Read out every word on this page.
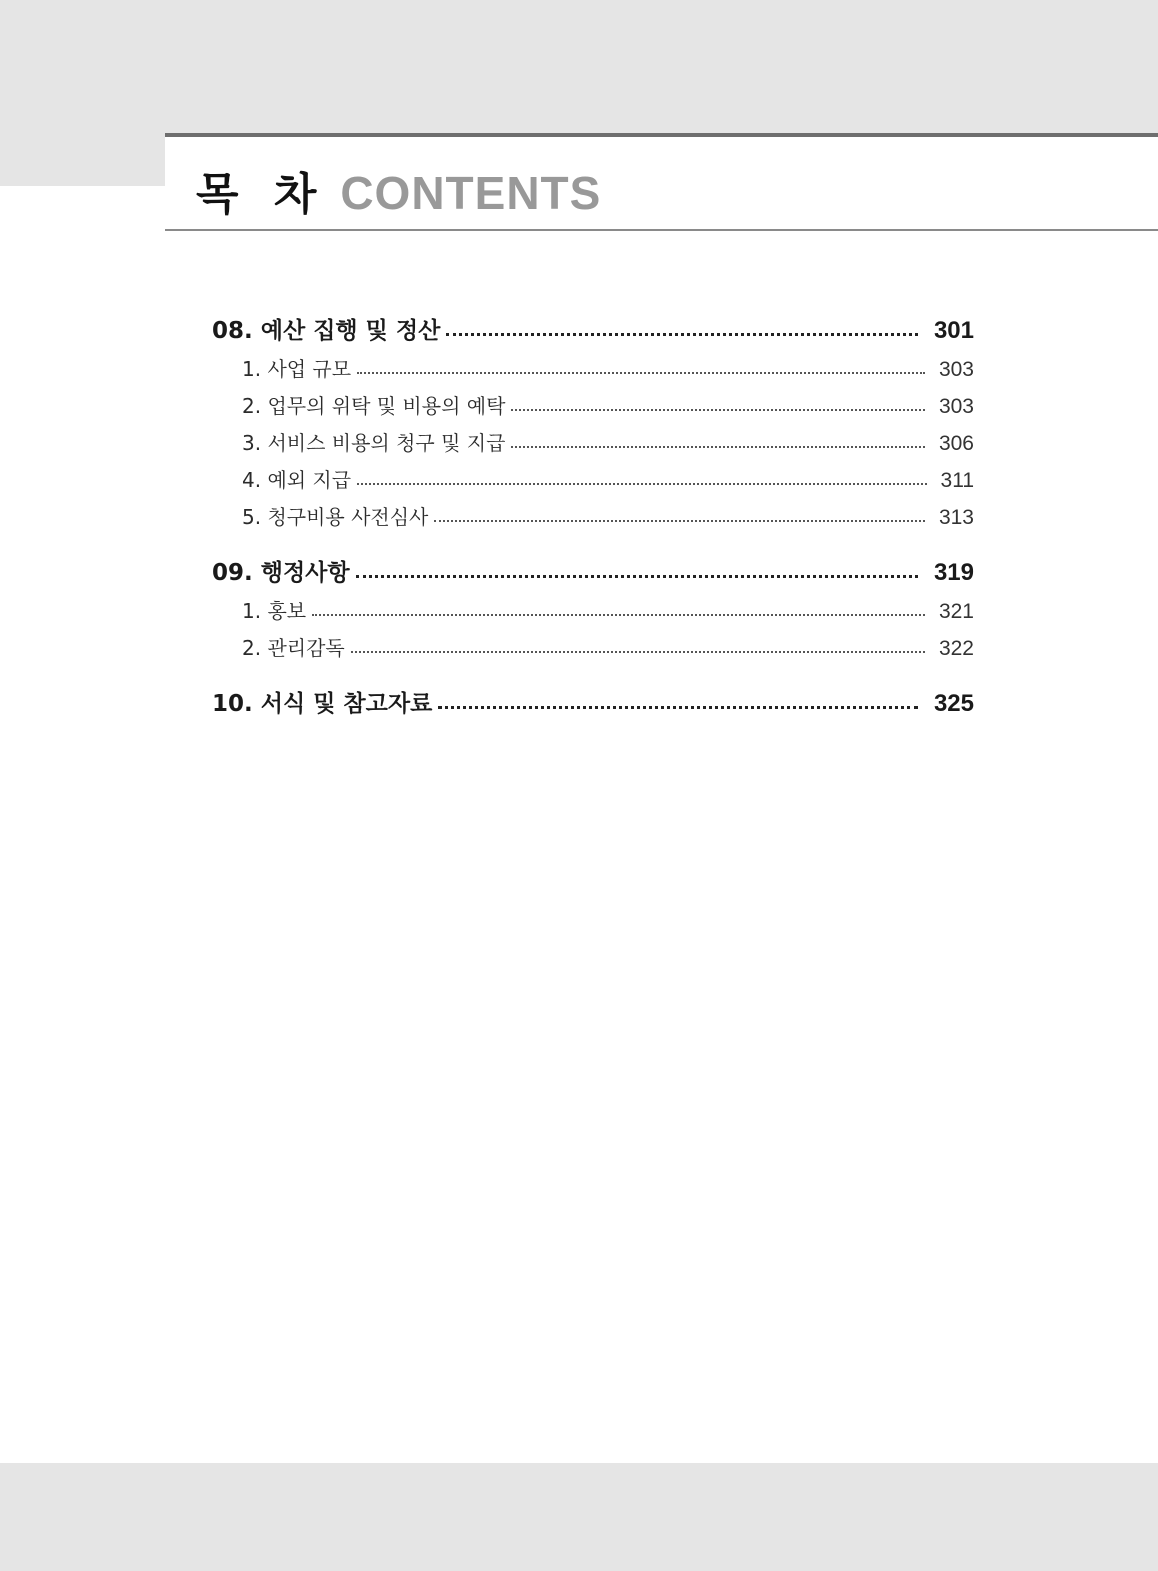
목 차 CONTENTS
08. 예산 집행 및 정산	301
1. 사업 규모	303
2. 업무의 위탁 및 비용의 예탁	303
3. 서비스 비용의 청구 및 지급	306
4. 예외 지급	311
5. 청구비용 사전심사	313
09. 행정사항	319
1. 홍보	321
2. 관리감독	322
10. 서식 및 참고자료	325
